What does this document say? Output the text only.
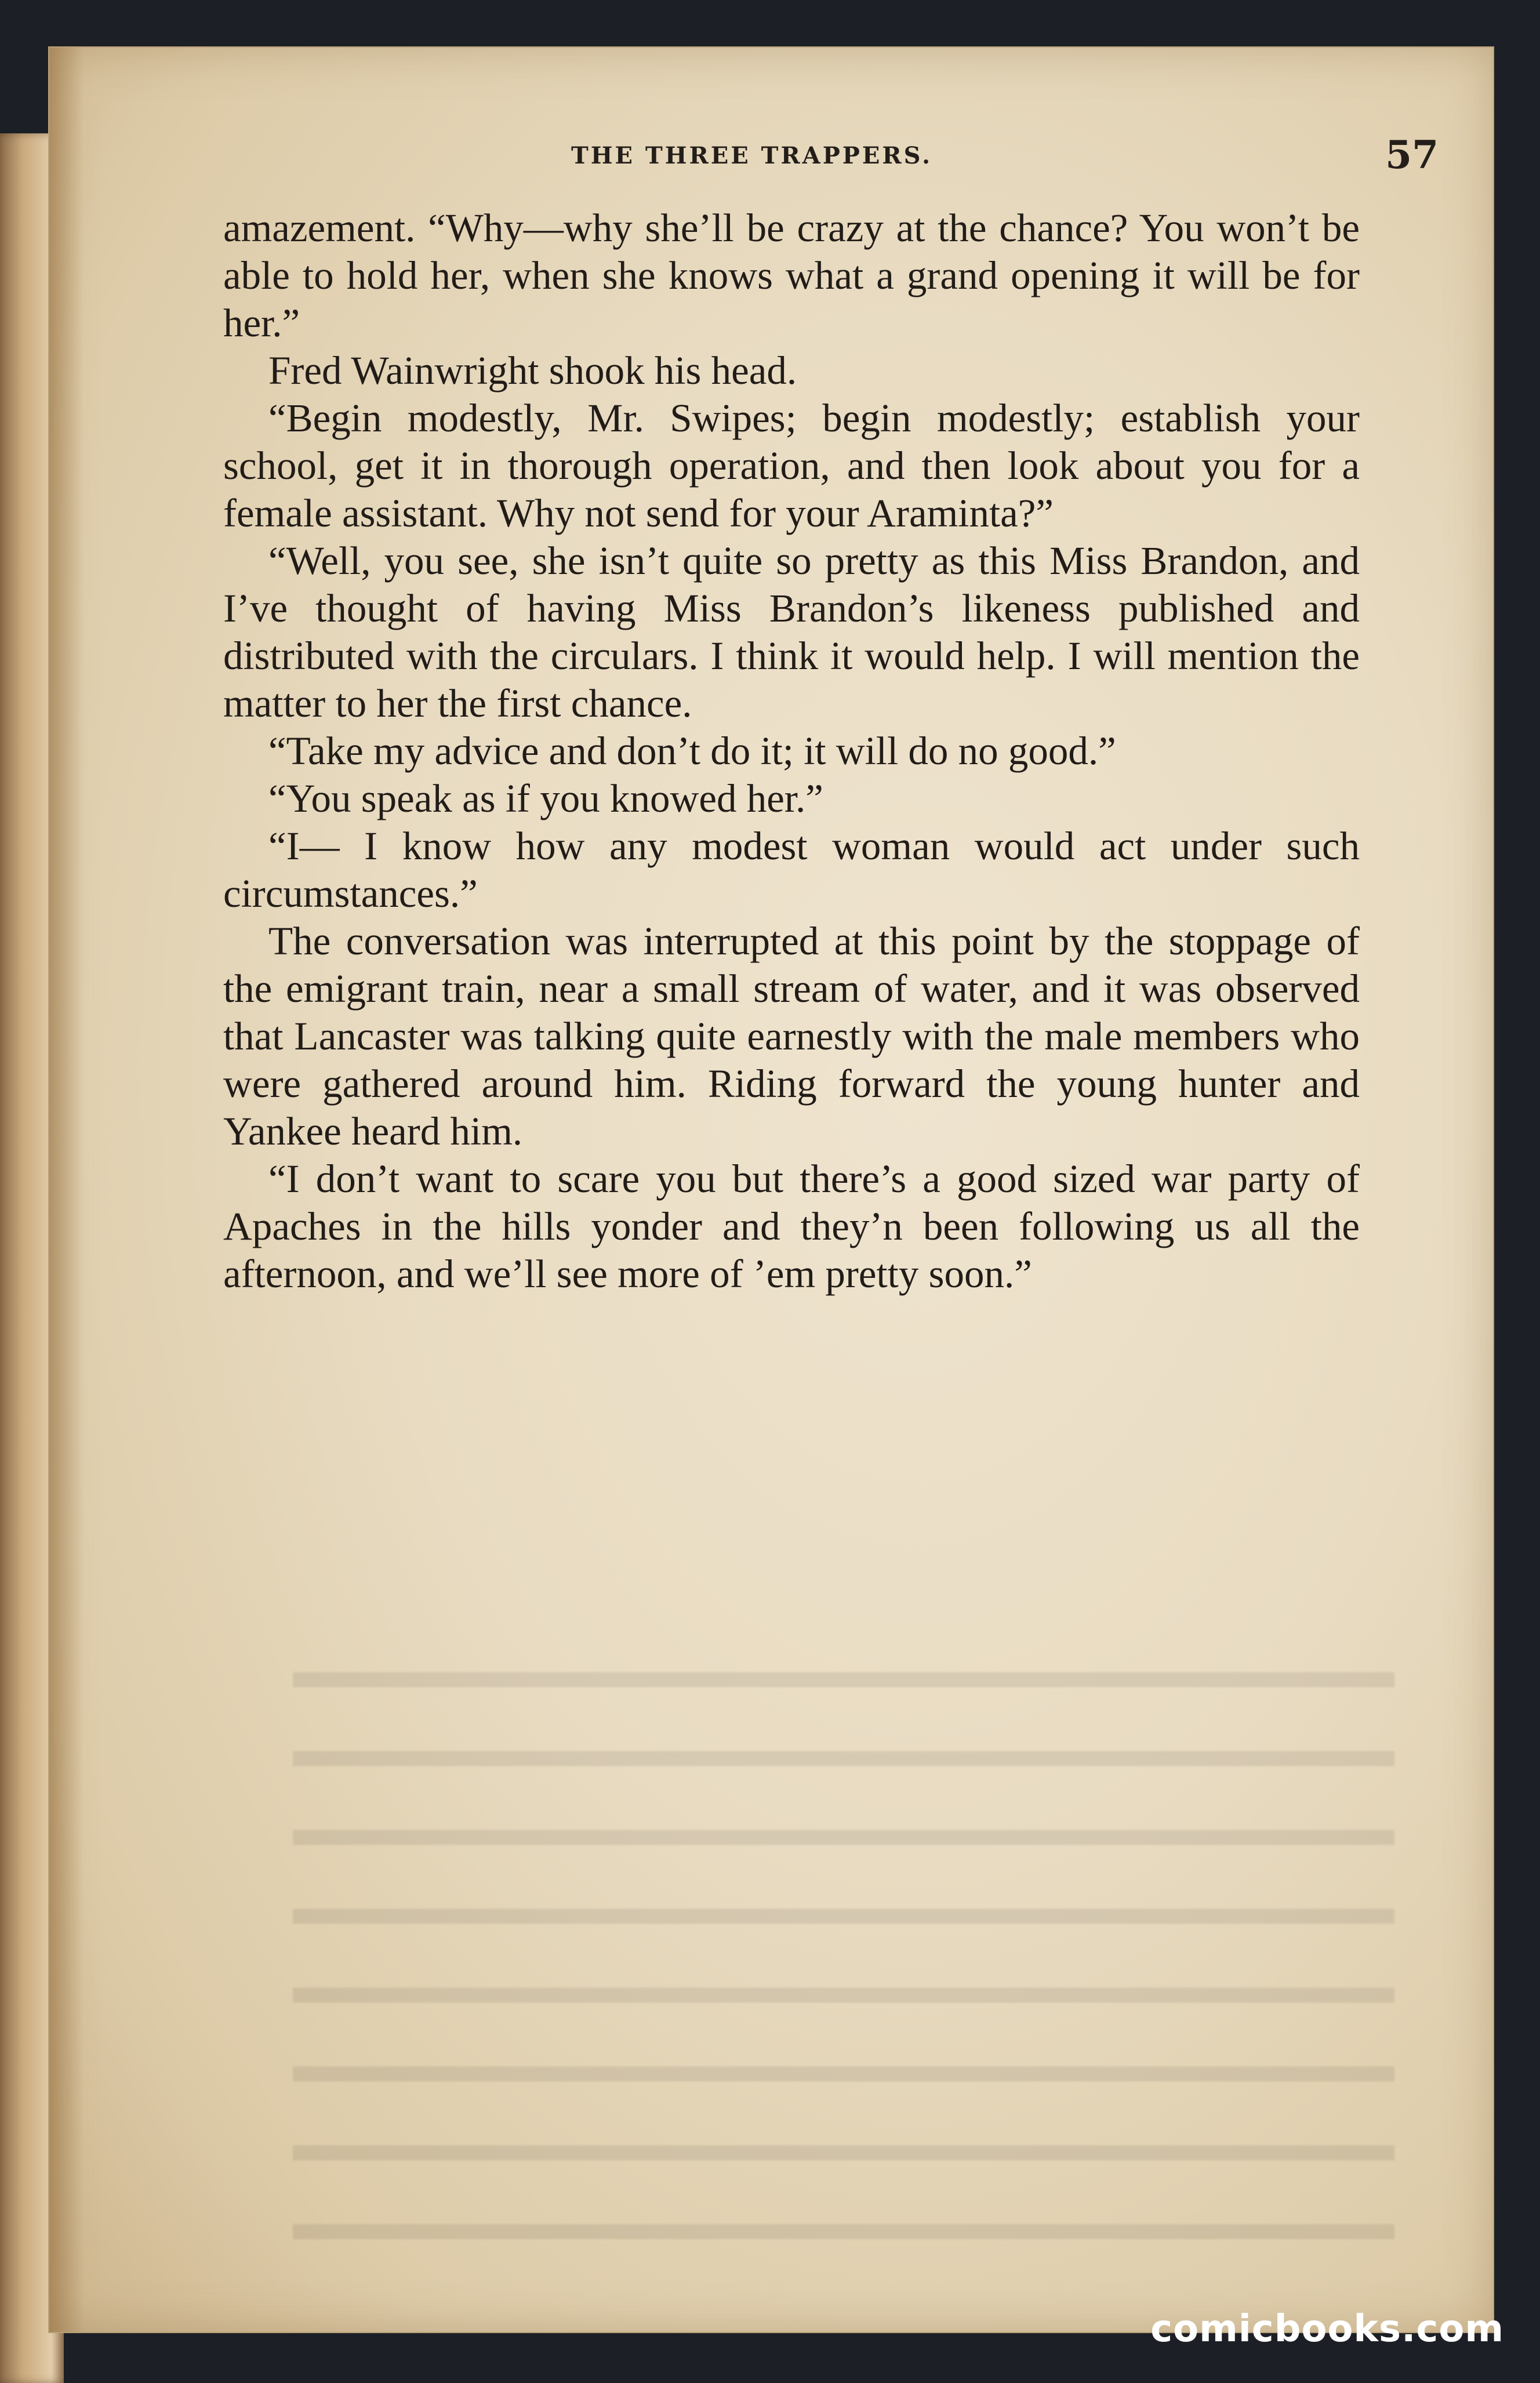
THE THREE TRAPPERS.	57

amazement. “Why—why she’ll be crazy at the chance? You won’t be able to hold her, when she knows what a grand opening it will be for her.”

Fred Wainwright shook his head.

“Begin modestly, Mr. Swipes; begin modestly; establish your school, get it in thorough operation, and then look about you for a female assistant. Why not send for your Araminta?”

“Well, you see, she isn’t quite so pretty as this Miss Brandon, and I’ve thought of having Miss Brandon’s likeness published and distributed with the circulars. I think it would help. I will mention the matter to her the first chance.

“Take my advice and don’t do it; it will do no good.”

“You speak as if you knowed her.”

“I— I know how any modest woman would act under such circumstances.”

The conversation was interrupted at this point by the stoppage of the emigrant train, near a small stream of water, and it was observed that Lancaster was talking quite earnestly with the male members who were gathered around him. Riding forward the young hunter and Yankee heard him.

“I don’t want to scare you but there’s a good sized war party of Apaches in the hills yonder and they’n been following us all the afternoon, and we’ll see more of ’em pretty soon.”

comicbooks.com
